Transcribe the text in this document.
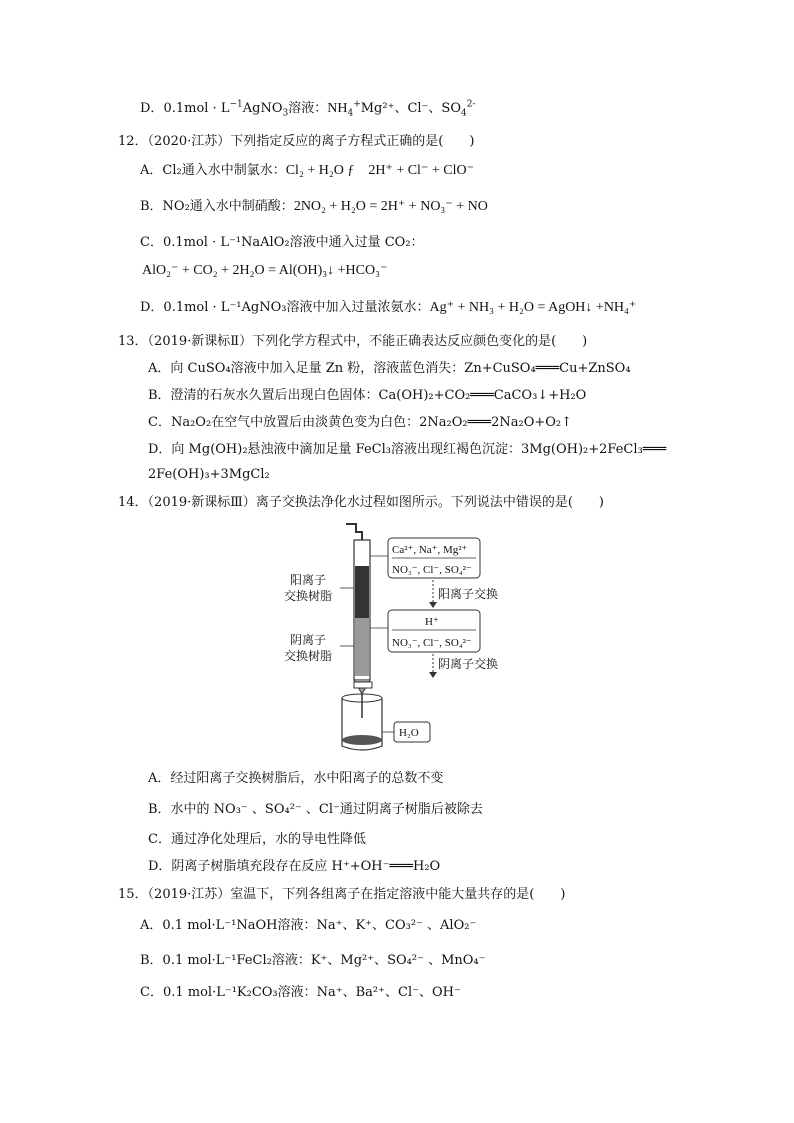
D．$0.1mol \cdot L^{-1}AgNO_3$溶液：$NH_4^+Mg^{2+}$、Cl⁻、$SO_4^{2-}$
12．（2020·江苏）下列指定反应的离子方程式正确的是(　　)
A．Cl₂通入水中制氯水：Cl₂ + H₂O ƒ　2H⁺ + Cl⁻ + ClO⁻
B．NO₂通入水中制硝酸：2NO₂ + H₂O = 2H⁺ + NO₃⁻ + NO
C．0.1mol · L⁻¹NaAlO₂溶液中通入过量 CO₂：
AlO₂⁻ + CO₂ + 2H₂O = Al(OH)₃↓ +HCO₃⁻
D．0.1mol · L⁻¹AgNO₃溶液中加入过量浓氨水：Ag⁺ + NH₃ + H₂O = AgOH↓ +NH₄⁺
13．（2019·新课标Ⅱ）下列化学方程式中，不能正确表达反应颜色变化的是(　　)
A．向 CuSO₄溶液中加入足量 Zn 粉，溶液蓝色消失：Zn+CuSO₄═══Cu+ZnSO₄
B．澄清的石灰水久置后出现白色固体：Ca(OH)₂+CO₂═══CaCO₃↓+H₂O
C．Na₂O₂在空气中放置后由淡黄色变为白色：2Na₂O₂═══2Na₂O+O₂↑
D．向 Mg(OH)₂悬浊液中滴加足量 FeCl₃溶液出现红褐色沉淀：3Mg(OH)₂+2FeCl₃═══
2Fe(OH)₃+3MgCl₂
14．（2019·新课标Ⅲ）离子交换法净化水过程如图所示。下列说法中错误的是(　　)
阳离子
交换树脂
阴离子
交换树脂
Ca²⁺, Na⁺, Mg²⁺
NO₃⁻, Cl⁻, SO₄²⁻
阳离子交换
H⁺
NO₃⁻, Cl⁻, SO₄²⁻
阴离子交换
H₂O
A．经过阳离子交换树脂后，水中阳离子的总数不变
B．水中的 NO₃⁻ 、SO₄²⁻ 、Cl⁻通过阴离子树脂后被除去
C．通过净化处理后，水的导电性降低
D．阴离子树脂填充段存在反应 H⁺+OH⁻═══H₂O
15．（2019·江苏）室温下，下列各组离子在指定溶液中能大量共存的是(　　)
A．0.1 mol·L⁻¹NaOH溶液：Na⁺、K⁺、CO₃²⁻ 、AlO₂⁻
B．0.1 mol·L⁻¹FeCl₂溶液：K⁺、Mg²⁺、SO₄²⁻ 、MnO₄⁻
C．0.1 mol·L⁻¹K₂CO₃溶液：Na⁺、Ba²⁺、Cl⁻、OH⁻
